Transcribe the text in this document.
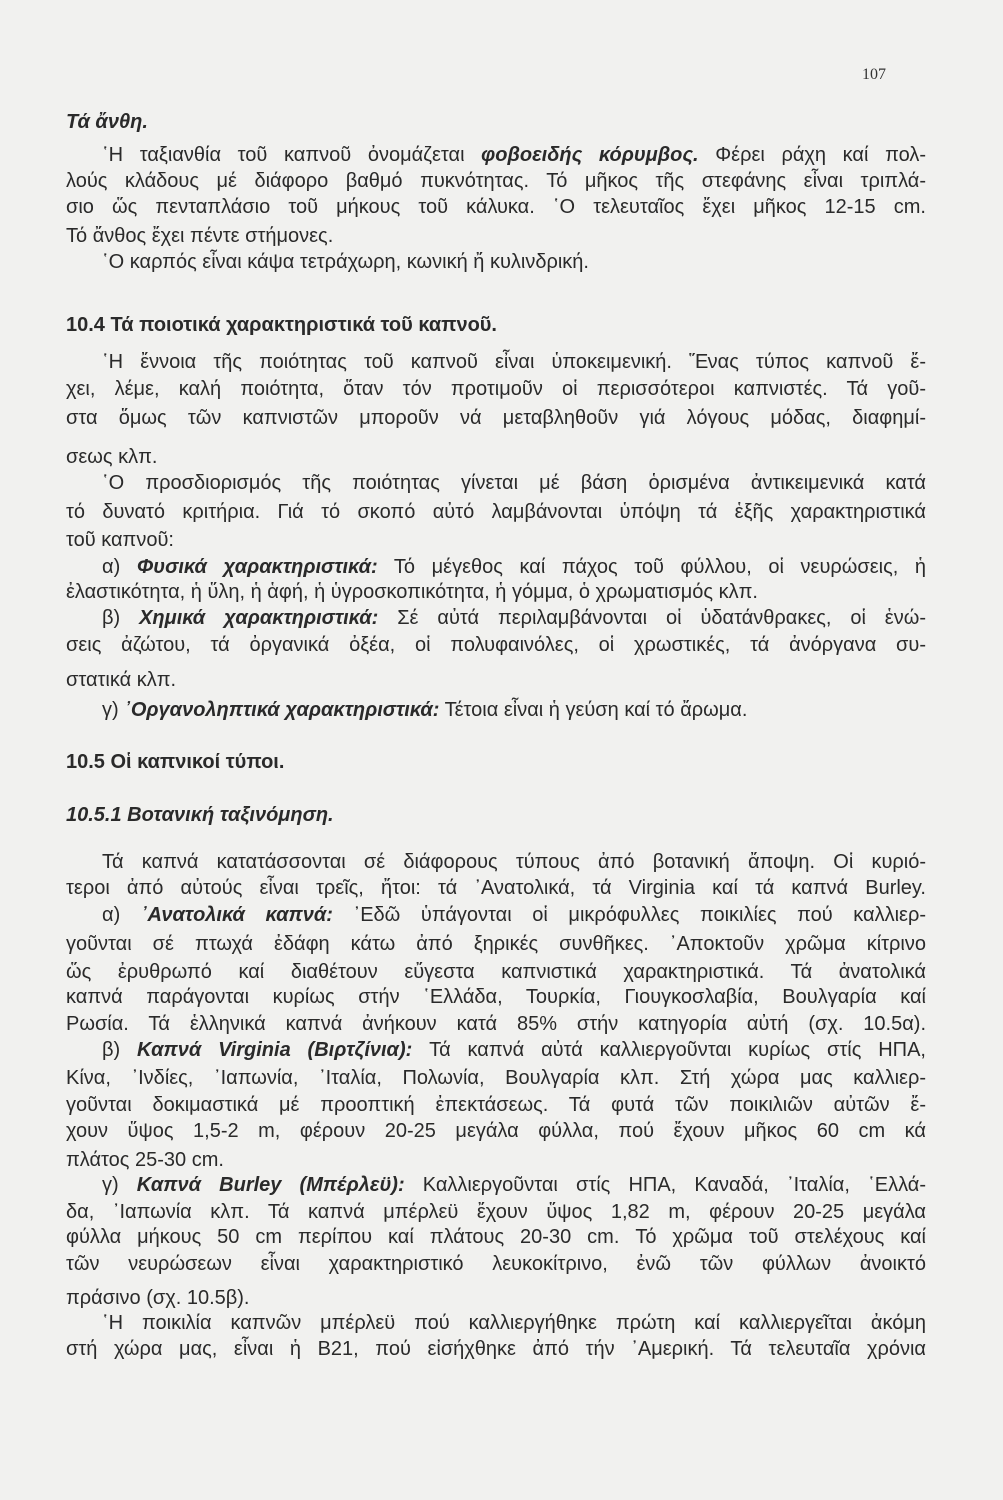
107
Τά ἄνθη.
῾Η ταξιανθία τοῦ καπνοῦ ὀνομάζεται φοβοειδής κόρυμβος. Φέρει ράχη καί πολ-
λούς κλάδους μέ διάφορο βαθμό πυκνότητας. Τό μῆκος τῆς στεφάνης εἶναι τριπλά-
σιο ὥς πενταπλάσιο τοῦ μήκους τοῦ κάλυκα. ῾Ο τελευταῖος ἔχει μῆκος 12-15 cm.
Τό ἄνθος ἔχει πέντε στήμονες.
῾Ο καρπός εἶναι κάψα τετράχωρη, κωνική ἤ κυλινδρική.
10.4 Τά ποιοτικά χαρακτηριστικά τοῦ καπνοῦ.
῾Η ἔννοια τῆς ποιότητας τοῦ καπνοῦ εἶναι ὑποκειμενική. Ἕνας τύπος καπνοῦ ἔ-
χει, λέμε, καλή ποιότητα, ὅταν τόν προτιμοῦν οἱ περισσότεροι καπνιστές. Τά γοῦ-
στα ὅμως τῶν καπνιστῶν μποροῦν νά μεταβληθοῦν γιά λόγους μόδας, διαφημί-
σεως κλπ.
῾Ο προσδιορισμός τῆς ποιότητας γίνεται μέ βάση ὁρισμένα ἀντικειμενικά κατά
τό δυνατό κριτήρια. Γιά τό σκοπό αὐτό λαμβάνονται ὑπόψη τά ἑξῆς χαρακτηριστικά
τοῦ καπνοῦ:
α) Φυσικά χαρακτηριστικά: Τό μέγεθος καί πάχος τοῦ φύλλου, οἱ νευρώσεις, ἡ
ἐλαστικότητα, ἡ ὕλη, ἡ ἁφή, ἡ ὑγροσκοπικότητα, ἡ γόμμα, ὁ χρωματισμός κλπ.
β) Χημικά χαρακτηριστικά: Σέ αὐτά περιλαμβάνονται οἱ ὑδατάνθρακες, οἱ ἑνώ-
σεις ἀζώτου, τά ὀργανικά ὀξέα, οἱ πολυφαινόλες, οἱ χρωστικές, τά ἀνόργανα συ-
στατικά κλπ.
γ) ᾿Οργανοληπτικά χαρακτηριστικά: Τέτοια εἶναι ἡ γεύση καί τό ἄρωμα.
10.5 Οἱ καπνικοί τύποι.
10.5.1 Βοτανική ταξινόμηση.
Τά καπνά κατατάσσονται σέ διάφορους τύπους ἀπό βοτανική ἄποψη. Οἱ κυριό-
τεροι ἀπό αὐτούς εἶναι τρεῖς, ἤτοι: τά ᾿Ανατολικά, τά Virginia καί τά καπνά Burley.
α) ᾿Ανατολικά καπνά: ᾿Εδῶ ὑπάγονται οἱ μικρόφυλλες ποικιλίες πού καλλιερ-
γοῦνται σέ πτωχά ἐδάφη κάτω ἀπό ξηρικές συνθῆκες. ᾿Αποκτοῦν χρῶμα κίτρινο
ὥς ἐρυθρωπό καί διαθέτουν εὔγεστα καπνιστικά χαρακτηριστικά. Τά ἀνατολικά
καπνά παράγονται κυρίως στήν ῾Ελλάδα, Τουρκία, Γιουγκοσλαβία, Βουλγαρία καί
Ρωσία. Τά ἑλληνικά καπνά ἀνήκουν κατά 85% στήν κατηγορία αὐτή (σχ. 10.5α).
β) Καπνά Virginia (Βιρτζίνια): Τά καπνά αὐτά καλλιεργοῦνται κυρίως στίς ΗΠΑ,
Κίνα, ᾿Ινδίες, ᾿Ιαπωνία, ᾿Ιταλία, Πολωνία, Βουλγαρία κλπ. Στή χώρα μας καλλιερ-
γοῦνται δοκιμαστικά μέ προοπτική ἐπεκτάσεως. Τά φυτά τῶν ποικιλιῶν αὐτῶν ἔ-
χουν ὕψος 1,5-2 m, φέρουν 20-25 μεγάλα φύλλα, πού ἔχουν μῆκος 60 cm κά
πλάτος 25-30 cm.
γ) Καπνά Burley (Μπέρλεϋ): Καλλιεργοῦνται στίς ΗΠΑ, Καναδά, ᾿Ιταλία, ῾Ελλά-
δα, ᾿Ιαπωνία κλπ. Τά καπνά μπέρλεϋ ἔχουν ὕψος 1,82 m, φέρουν 20-25 μεγάλα
φύλλα μήκους 50 cm περίπου καί πλάτους 20-30 cm. Τό χρῶμα τοῦ στελέχους καί
τῶν νευρώσεων εἶναι χαρακτηριστικό λευκοκίτρινο, ἐνῶ τῶν φύλλων ἀνοικτό
πράσινο (σχ. 10.5β).
῾Η ποικιλία καπνῶν μπέρλεϋ πού καλλιεργήθηκε πρώτη καί καλλιεργεῖται ἀκόμη
στή χώρα μας, εἶναι ἡ Β21, πού εἰσήχθηκε ἀπό τήν ᾿Αμερική. Τά τελευταῖα χρόνια
